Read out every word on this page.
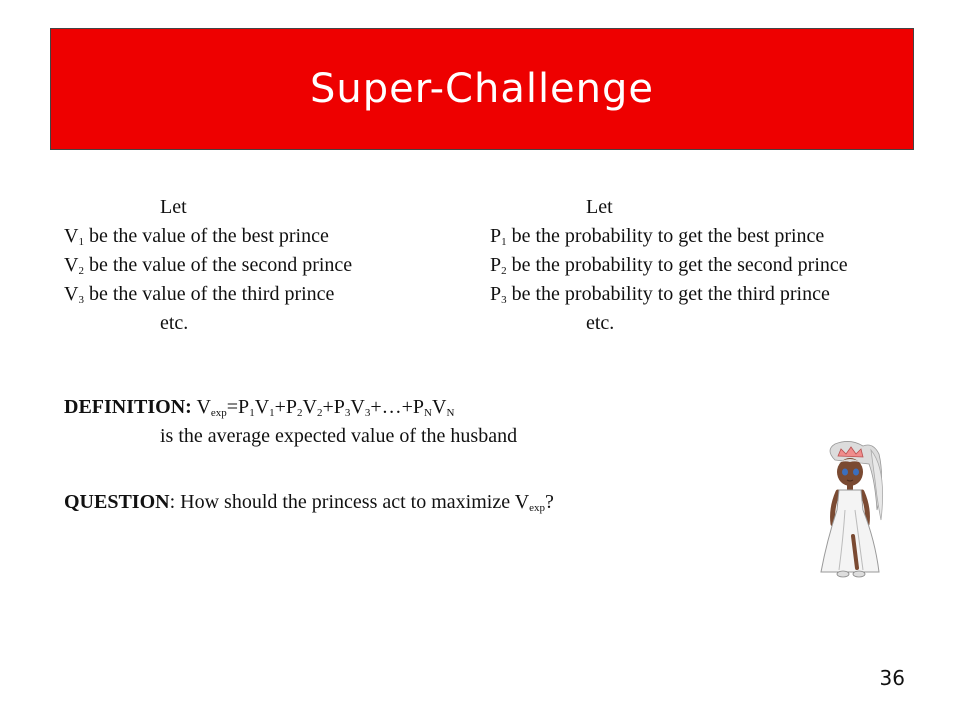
Super-Challenge
Let
$V_1$ be the value of the best prince
$V_2$ be the value of the second prince
$V_3$ be the value of the third prince
etc.
Let
$P_1$ be the probability to get the best prince
$P_2$ be the probability to get the second prince
$P_3$ be the probability to get the third prince
etc.
DEFINITION: $V_{exp}=P_1V_1+P_2V_2+P_3V_3+\dots+P_NV_N$
is the average expected value of the husband
QUESTION: How should the princess act to maximize $V_{exp}$?
36
